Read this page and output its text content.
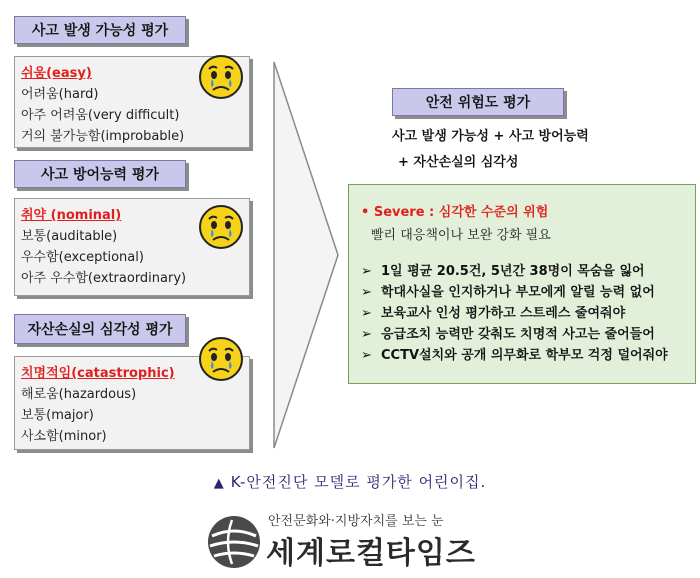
사고 발생 가능성 평가
쉬움(easy)
어려움(hard)
아주 어려움(very difficult)
거의 불가능함(improbable)
사고 방어능력 평가
취약 (nominal)
보통(auditable)
우수함(exceptional)
아주 우수함(extraordinary)
자산손실의 심각성 평가
치명적임(catastrophic)
해로움(hazardous)
보통(major)
사소함(minor)
안전 위험도 평가
사고 발생 가능성 + 사고 방어능력
+ 자산손실의 심각성
• Severe : 심각한 수준의 위험
빨리 대응책이나 보완 강화 필요
➢ 1일 평균 20.5건, 5년간 38명이 목숨을 잃어
➢ 학대사실을 인지하거나 부모에게 알릴 능력 없어
➢ 보육교사 인성 평가하고 스트레스 줄여줘야
➢ 응급조치 능력만 갖춰도 치명적 사고는 줄어들어
➢ CCTV설치와 공개 의무화로 학부모 걱정 덜어줘야
▲ K-안전진단 모델로 평가한 어린이집.
안전문화와·지방자치를 보는 눈
세계로컬타임즈
